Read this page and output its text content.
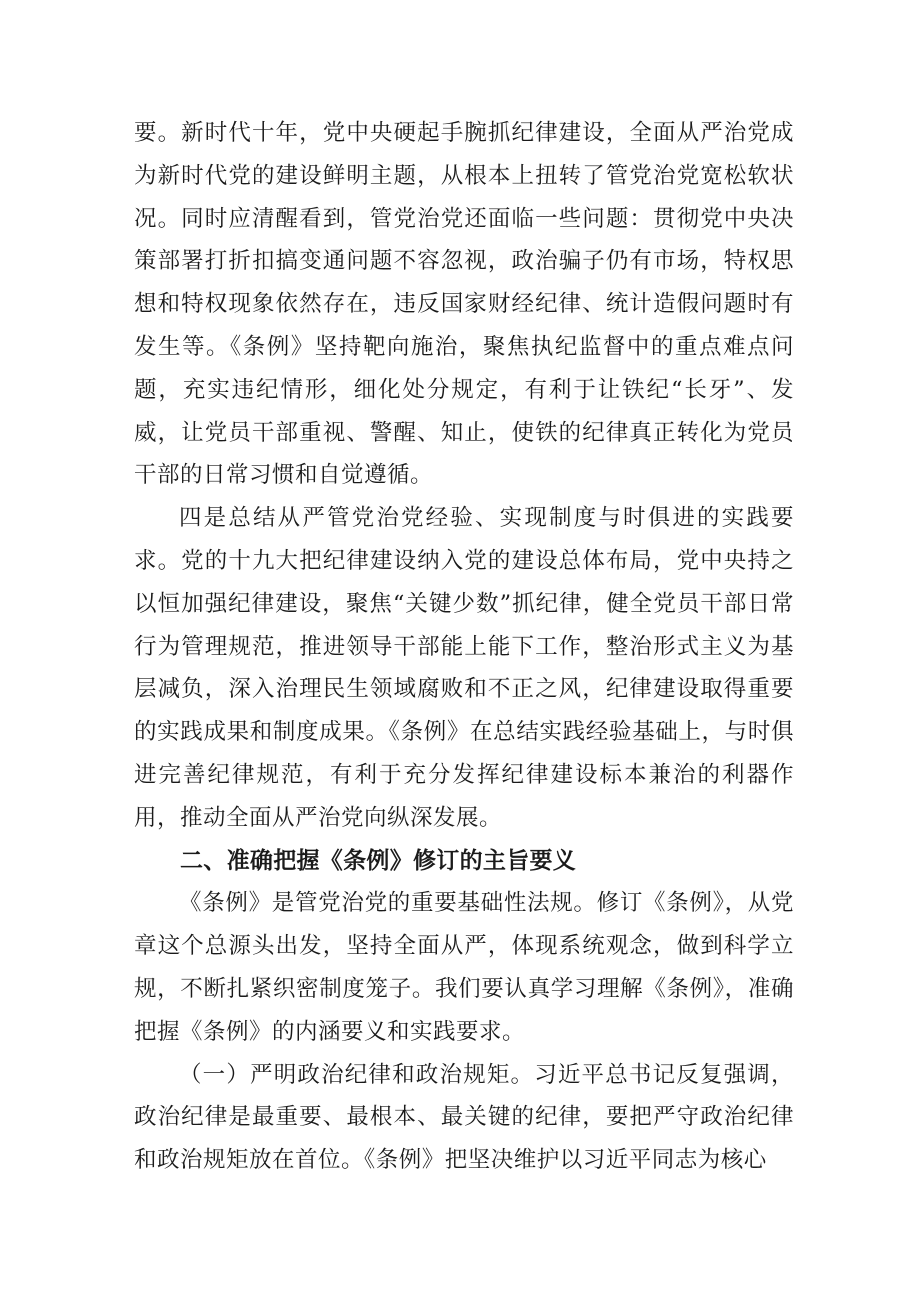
要。新时代十年，党中央硬起手腕抓纪律建设，全面从严治党成为新时代党的建设鲜明主题，从根本上扭转了管党治党宽松软状况。同时应清醒看到，管党治党还面临一些问题：贯彻党中央决策部署打折扣搞变通问题不容忽视，政治骗子仍有市场，特权思想和特权现象依然存在，违反国家财经纪律、统计造假问题时有发生等。《条例》坚持靶向施治，聚焦执纪监督中的重点难点问题，充实违纪情形，细化处分规定，有利于让铁纪“长牙”、发威，让党员干部重视、警醒、知止，使铁的纪律真正转化为党员干部的日常习惯和自觉遵循。

四是总结从严管党治党经验、实现制度与时俱进的实践要求。党的十九大把纪律建设纳入党的建设总体布局，党中央持之以恒加强纪律建设，聚焦“关键少数”抓纪律，健全党员干部日常行为管理规范，推进领导干部能上能下工作，整治形式主义为基层减负，深入治理民生领域腐败和不正之风，纪律建设取得重要的实践成果和制度成果。《条例》在总结实践经验基础上，与时俱进完善纪律规范，有利于充分发挥纪律建设标本兼治的利器作用，推动全面从严治党向纵深发展。

二、准确把握《条例》修订的主旨要义

《条例》是管党治党的重要基础性法规。修订《条例》，从党章这个总源头出发，坚持全面从严，体现系统观念，做到科学立规，不断扎紧织密制度笼子。我们要认真学习理解《条例》，准确把握《条例》的内涵要义和实践要求。

（一）严明政治纪律和政治规矩。习近平总书记反复强调，政治纪律是最重要、最根本、最关键的纪律，要把严守政治纪律和政治规矩放在首位。《条例》把坚决维护以习近平同志为核心
